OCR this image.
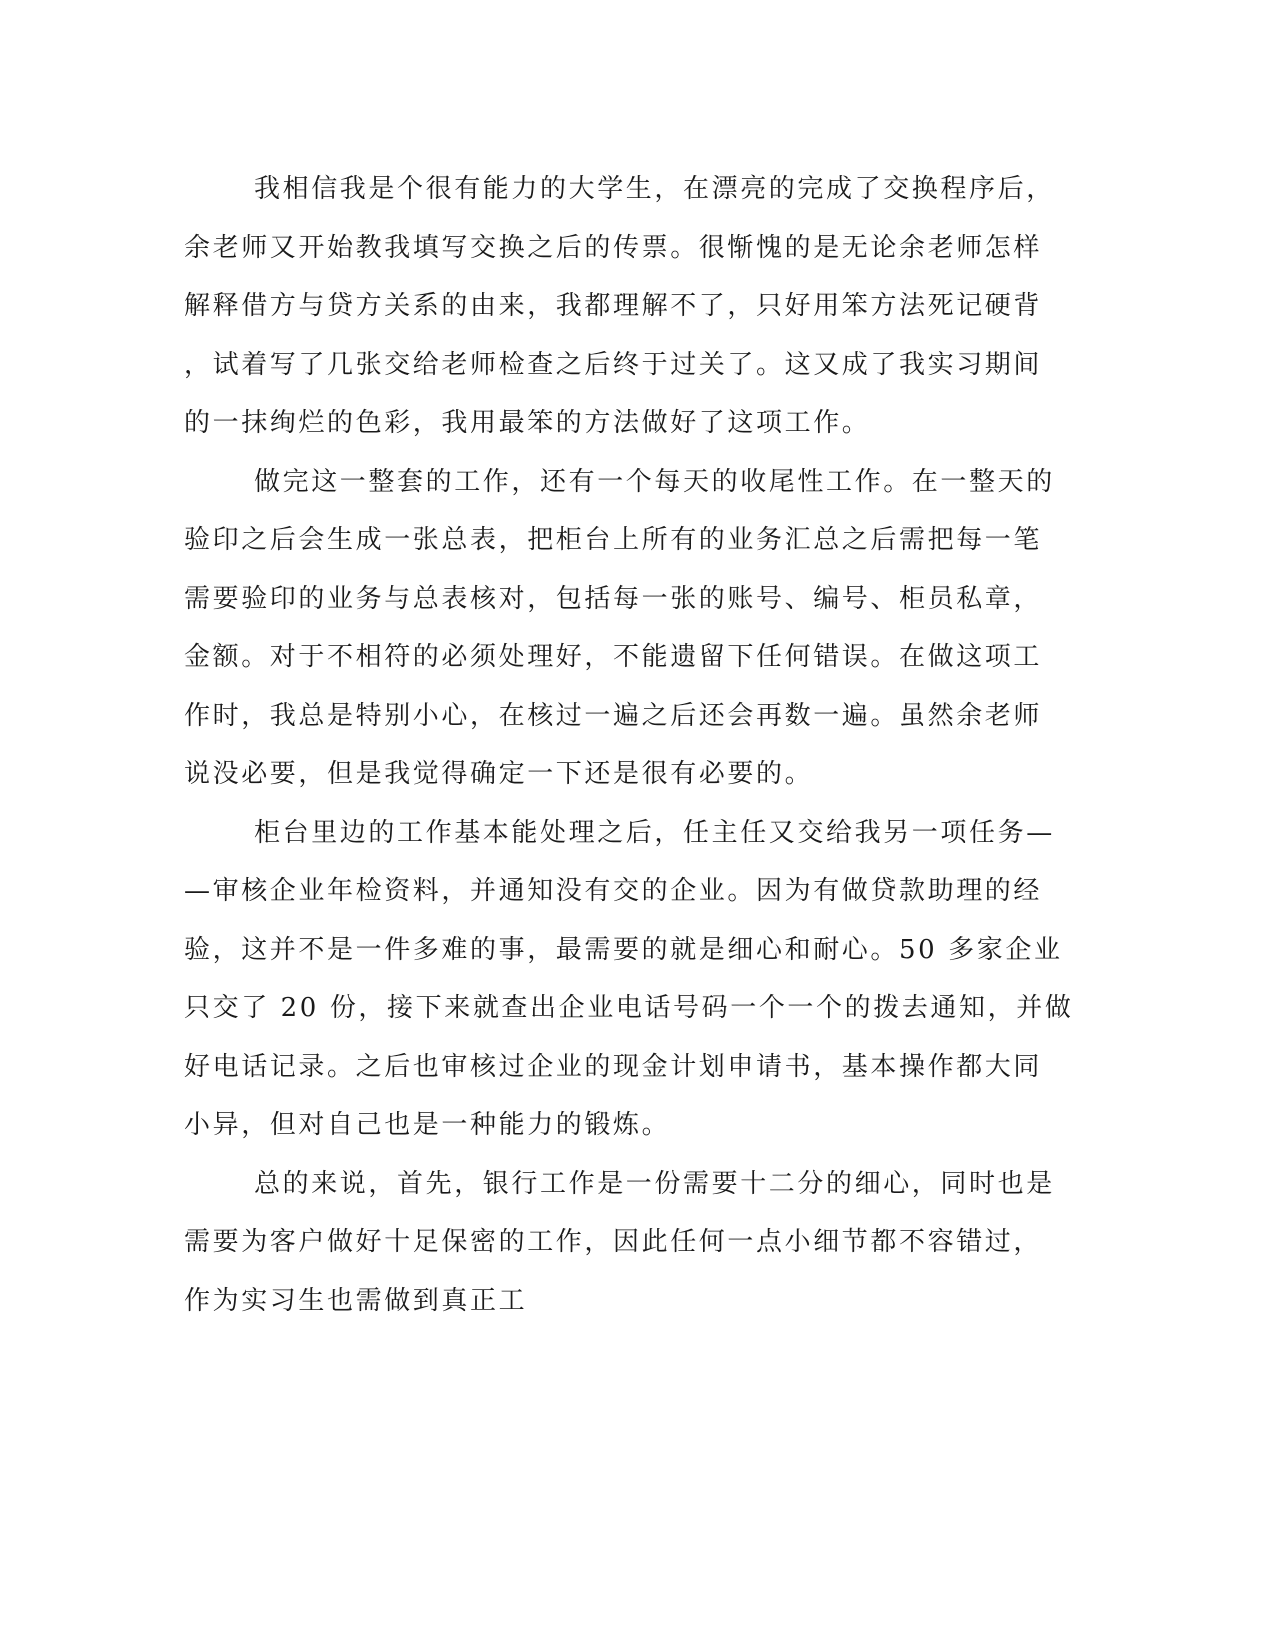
我相信我是个很有能力的大学生，在漂亮的完成了交换程序后，
余老师又开始教我填写交换之后的传票。很惭愧的是无论余老师怎样
解释借方与贷方关系的由来，我都理解不了，只好用笨方法死记硬背
，试着写了几张交给老师检查之后终于过关了。这又成了我实习期间
的一抹绚烂的色彩，我用最笨的方法做好了这项工作。
做完这一整套的工作，还有一个每天的收尾性工作。在一整天的
验印之后会生成一张总表，把柜台上所有的业务汇总之后需把每一笔
需要验印的业务与总表核对，包括每一张的账号、编号、柜员私章，
金额。对于不相符的必须处理好，不能遗留下任何错误。在做这项工
作时，我总是特别小心，在核过一遍之后还会再数一遍。虽然余老师
说没必要，但是我觉得确定一下还是很有必要的。
柜台里边的工作基本能处理之后，任主任又交给我另一项任务—
—审核企业年检资料，并通知没有交的企业。因为有做贷款助理的经
验，这并不是一件多难的事，最需要的就是细心和耐心。50 多家企业
只交了 20 份，接下来就查出企业电话号码一个一个的拨去通知，并做
好电话记录。之后也审核过企业的现金计划申请书，基本操作都大同
小异，但对自己也是一种能力的锻炼。
总的来说，首先，银行工作是一份需要十二分的细心，同时也是
需要为客户做好十足保密的工作，因此任何一点小细节都不容错过，
作为实习生也需做到真正工
